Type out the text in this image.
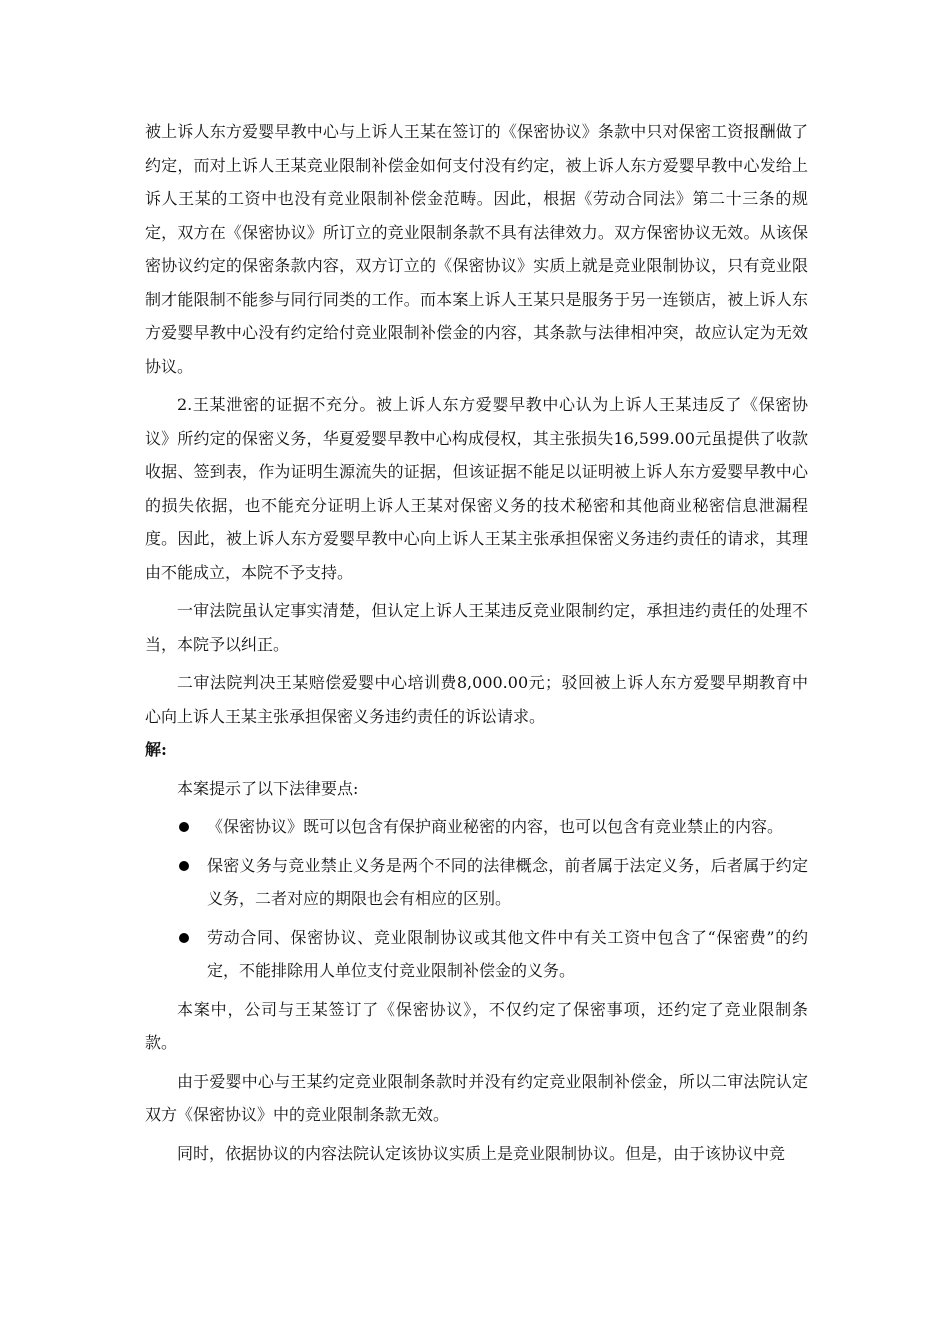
被上诉人东方爱婴早教中心与上诉人王某在签订的《保密协议》条款中只对保密工资报酬做了约定，而对上诉人王某竞业限制补偿金如何支付没有约定，被上诉人东方爱婴早教中心发给上诉人王某的工资中也没有竞业限制补偿金范畴。因此，根据《劳动合同法》第二十三条的规定，双方在《保密协议》所订立的竞业限制条款不具有法律效力。双方保密协议无效。从该保密协议约定的保密条款内容，双方订立的《保密协议》实质上就是竞业限制协议，只有竞业限制才能限制不能参与同行同类的工作。而本案上诉人王某只是服务于另一连锁店，被上诉人东方爱婴早教中心没有约定给付竞业限制补偿金的内容，其条款与法律相冲突，故应认定为无效协议。

2.王某泄密的证据不充分。被上诉人东方爱婴早教中心认为上诉人王某违反了《保密协议》所约定的保密义务，华夏爱婴早教中心构成侵权，其主张损失16,599.00元虽提供了收款收据、签到表，作为证明生源流失的证据，但该证据不能足以证明被上诉人东方爱婴早教中心的损失依据，也不能充分证明上诉人王某对保密义务的技术秘密和其他商业秘密信息泄漏程度。因此，被上诉人东方爱婴早教中心向上诉人王某主张承担保密义务违约责任的请求，其理由不能成立，本院不予支持。

一审法院虽认定事实清楚，但认定上诉人王某违反竞业限制约定，承担违约责任的处理不当，本院予以纠正。

二审法院判决王某赔偿爱婴中心培训费8,000.00元；驳回被上诉人东方爱婴早期教育中心向上诉人王某主张承担保密义务违约责任的诉讼请求。

解:

本案提示了以下法律要点:

《保密协议》既可以包含有保护商业秘密的内容，也可以包含有竞业禁止的内容。
保密义务与竞业禁止义务是两个不同的法律概念，前者属于法定义务，后者属于约定义务，二者对应的期限也会有相应的区别。
劳动合同、保密协议、竞业限制协议或其他文件中有关工资中包含了“保密费”的约定，不能排除用人单位支付竞业限制补偿金的义务。

本案中，公司与王某签订了《保密协议》，不仅约定了保密事项，还约定了竞业限制条款。

由于爱婴中心与王某约定竞业限制条款时并没有约定竞业限制补偿金，所以二审法院认定双方《保密协议》中的竞业限制条款无效。

同时，依据协议的内容法院认定该协议实质上是竞业限制协议。但是，由于该协议中竞
